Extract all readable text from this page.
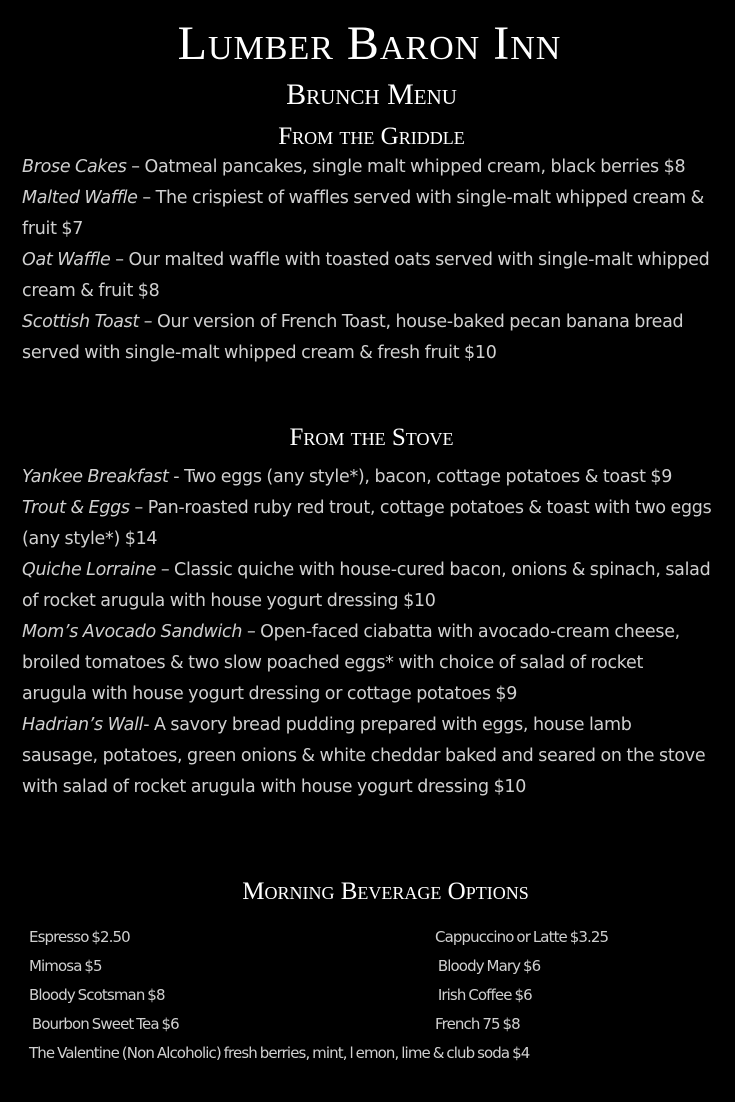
Lumber Baron Inn
Brunch Menu
From the Griddle
Brose Cakes – Oatmeal pancakes, single malt whipped cream, black berries $8
Malted Waffle – The crispiest of waffles served with single-malt whipped cream & fruit $7
Oat Waffle – Our malted waffle with toasted oats served with single-malt whipped cream & fruit $8
Scottish Toast – Our version of French Toast, house-baked pecan banana bread served with single-malt whipped cream & fresh fruit $10
From the Stove
Yankee Breakfast - Two eggs (any style*), bacon, cottage potatoes & toast $9
Trout & Eggs – Pan-roasted ruby red trout, cottage potatoes & toast with two eggs (any style*) $14
Quiche Lorraine – Classic quiche with house-cured bacon, onions & spinach, salad of rocket arugula with house yogurt dressing $10
Mom’s Avocado Sandwich – Open-faced ciabatta with avocado-cream cheese, broiled tomatoes & two slow poached eggs* with choice of salad of rocket arugula with house yogurt dressing or cottage potatoes $9
Hadrian’s Wall- A savory bread pudding prepared with eggs, house lamb sausage, potatoes, green onions & white cheddar baked and seared on the stove with salad of rocket arugula with house yogurt dressing $10
Morning Beverage Options
Espresso $2.50
Mimosa $5
Bloody Scotsman $8
Bourbon Sweet Tea $6
Cappuccino or Latte $3.25
Bloody Mary $6
Irish Coffee $6
French 75 $8
The Valentine (Non Alcoholic) fresh berries, mint, l emon, lime & club soda $4
